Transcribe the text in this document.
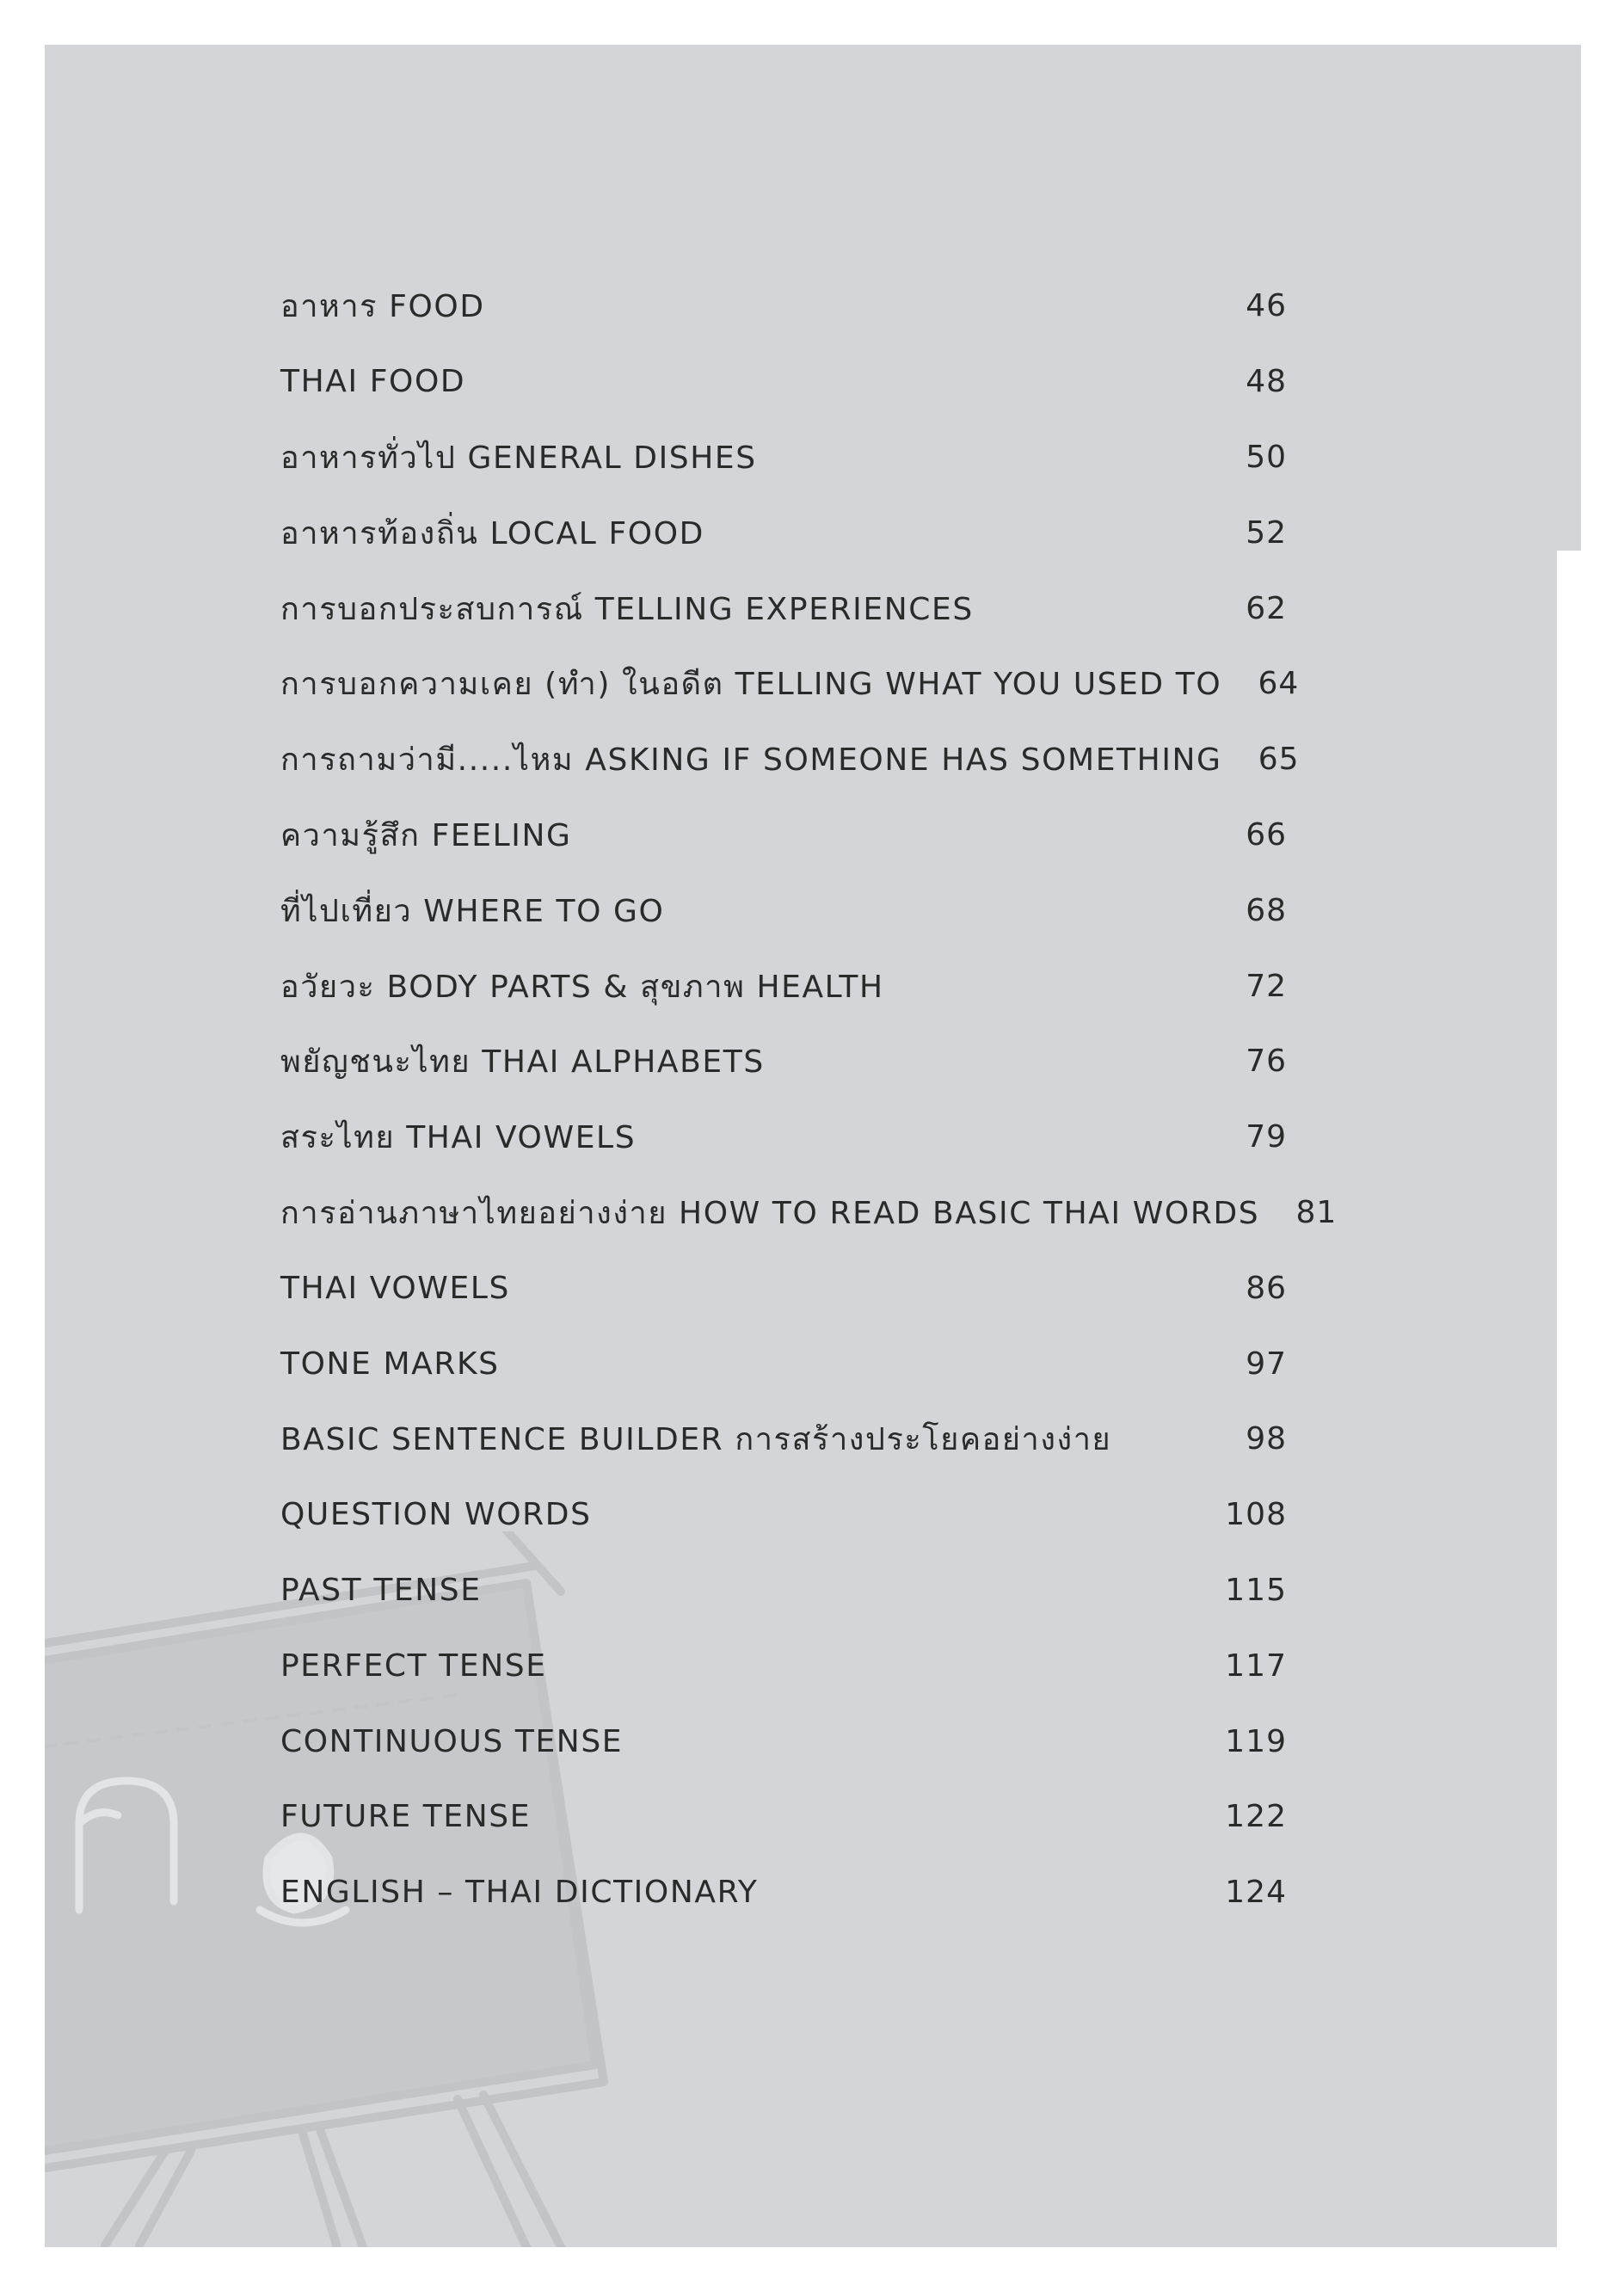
อาหาร FOOD	46
THAI FOOD	48
อาหารทั่วไป GENERAL DISHES	50
อาหารท้องถิ่น LOCAL FOOD	52
การบอกประสบการณ์ TELLING EXPERIENCES	62
การบอกความเคย (ทำ) ในอดีต TELLING WHAT YOU USED TO	64
การถามว่ามี.....ไหม ASKING IF SOMEONE HAS SOMETHING	65
ความรู้สึก FEELING	66
ที่ไปเที่ยว WHERE TO GO	68
อวัยวะ BODY PARTS & สุขภาพ HEALTH	72
พยัญชนะไทย THAI ALPHABETS	76
สระไทย THAI VOWELS	79
การอ่านภาษาไทยอย่างง่าย HOW TO READ BASIC THAI WORDS	81
THAI VOWELS	86
TONE MARKS	97
BASIC SENTENCE BUILDER การสร้างประโยคอย่างง่าย	98
QUESTION WORDS	108
PAST TENSE	115
PERFECT TENSE	117
CONTINUOUS TENSE	119
FUTURE TENSE	122
ENGLISH – THAI DICTIONARY	124
